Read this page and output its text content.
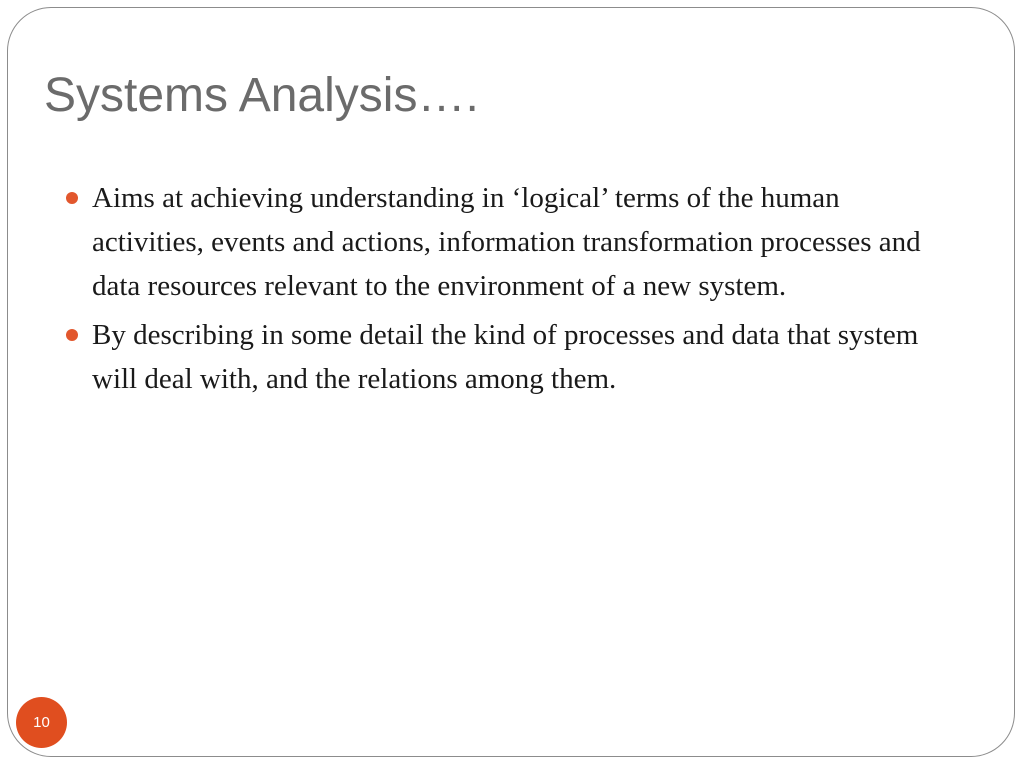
Systems Analysis….
Aims at achieving understanding in ‘logical’ terms of the human activities, events and actions, information transformation processes and data resources relevant to the environment of a new system.
By describing in some detail the kind of processes and data that system will deal with, and the relations among them.
10
